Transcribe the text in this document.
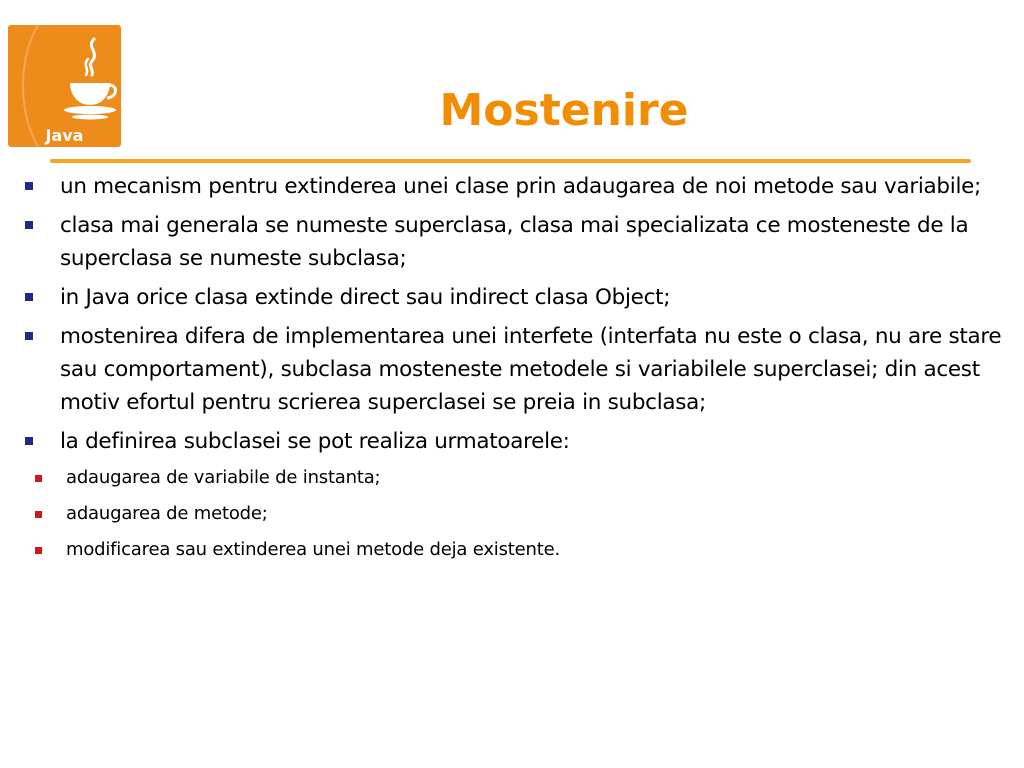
Java	Mostenire
un mecanism pentru extinderea unei clase prin adaugarea de noi metode sau variabile;
clasa mai generala se numeste superclasa, clasa mai specializata ce mosteneste de la superclasa se numeste subclasa;
in Java orice clasa extinde direct sau indirect clasa Object;
mostenirea difera de implementarea unei interfete (interfata nu este o clasa, nu are stare sau comportament), subclasa mosteneste metodele si variabilele superclasei; din acest motiv efortul pentru scrierea superclasei se preia in subclasa;
la definirea subclasei se pot realiza urmatoarele:
adaugarea de variabile de instanta;
adaugarea de metode;
modificarea sau extinderea unei metode deja existente.
